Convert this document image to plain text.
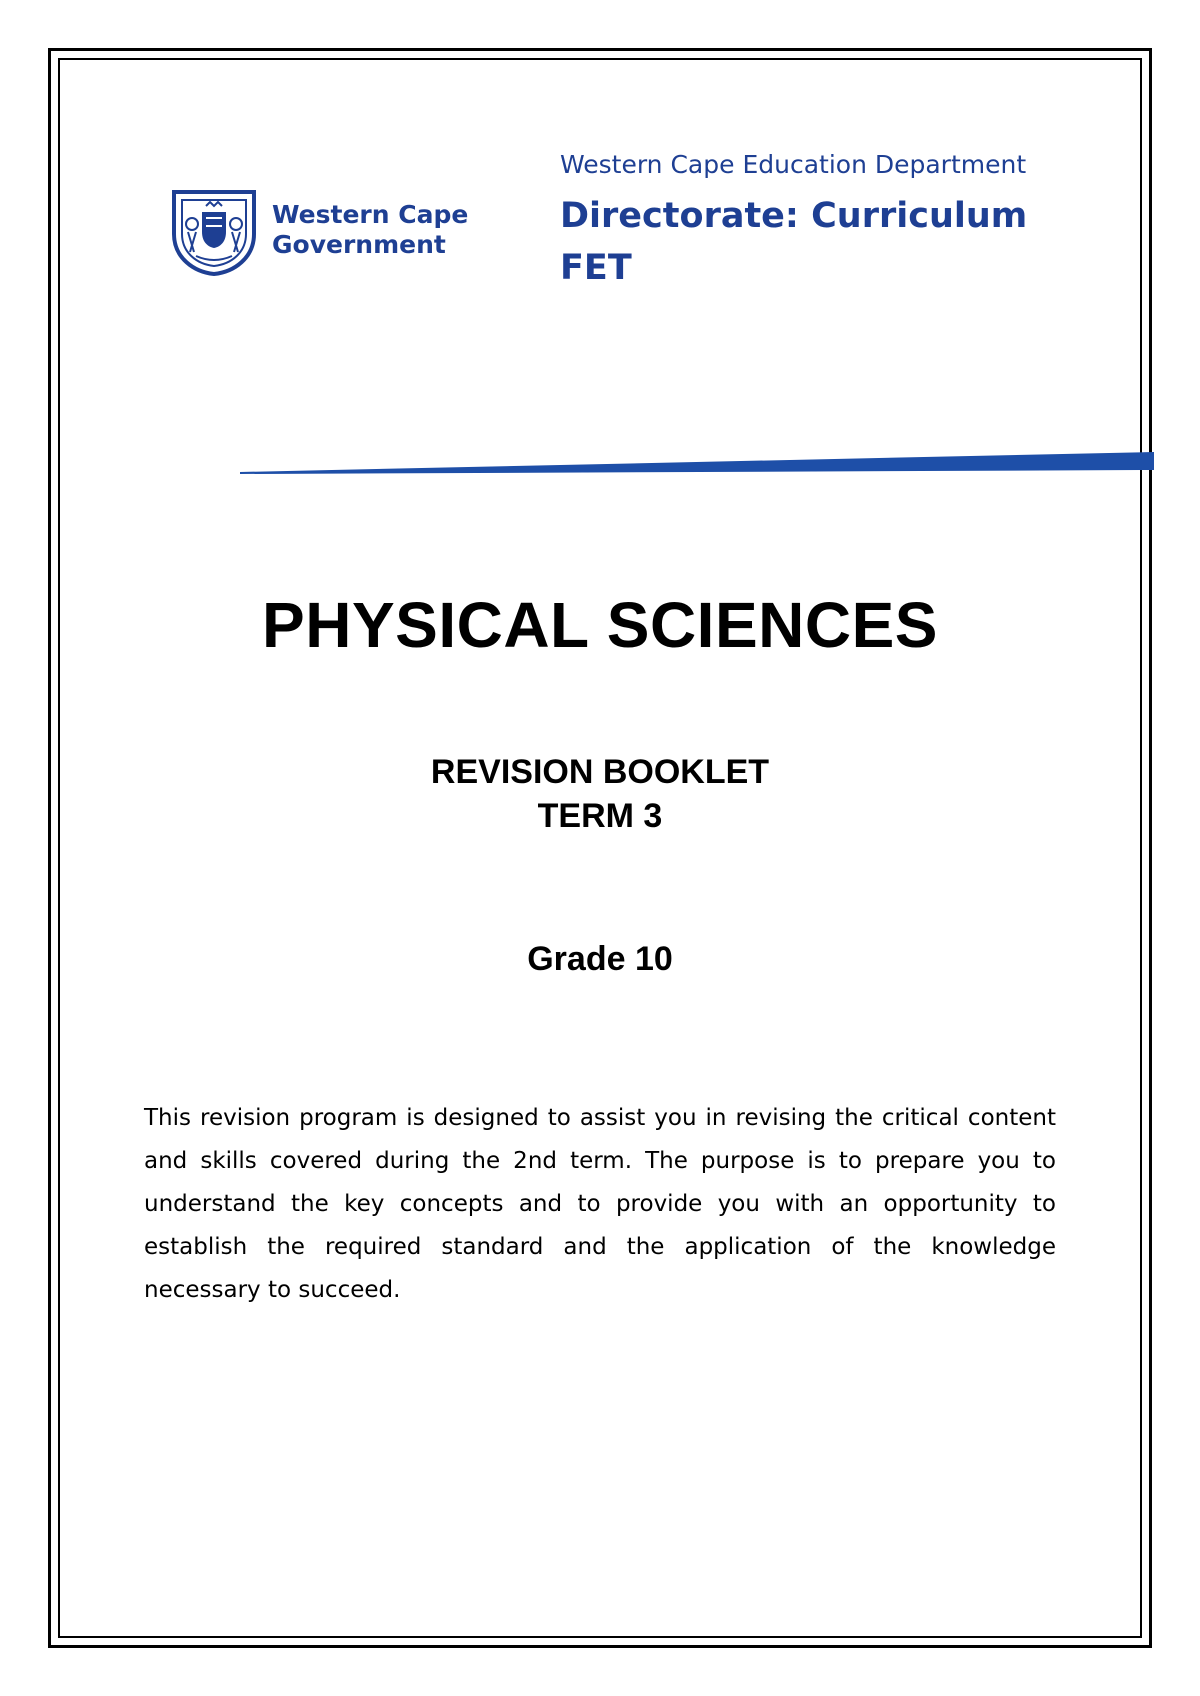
Western Cape
Government
Western Cape Education Department
Directorate: Curriculum
FET
PHYSICAL SCIENCES
REVISION BOOKLET
TERM 3
Grade 10
This revision program is designed to assist you in revising the critical content and skills covered during the 2nd term. The purpose is to prepare you to understand the key concepts and to provide you with an opportunity to establish the required standard and the application of the knowledge necessary to succeed.
